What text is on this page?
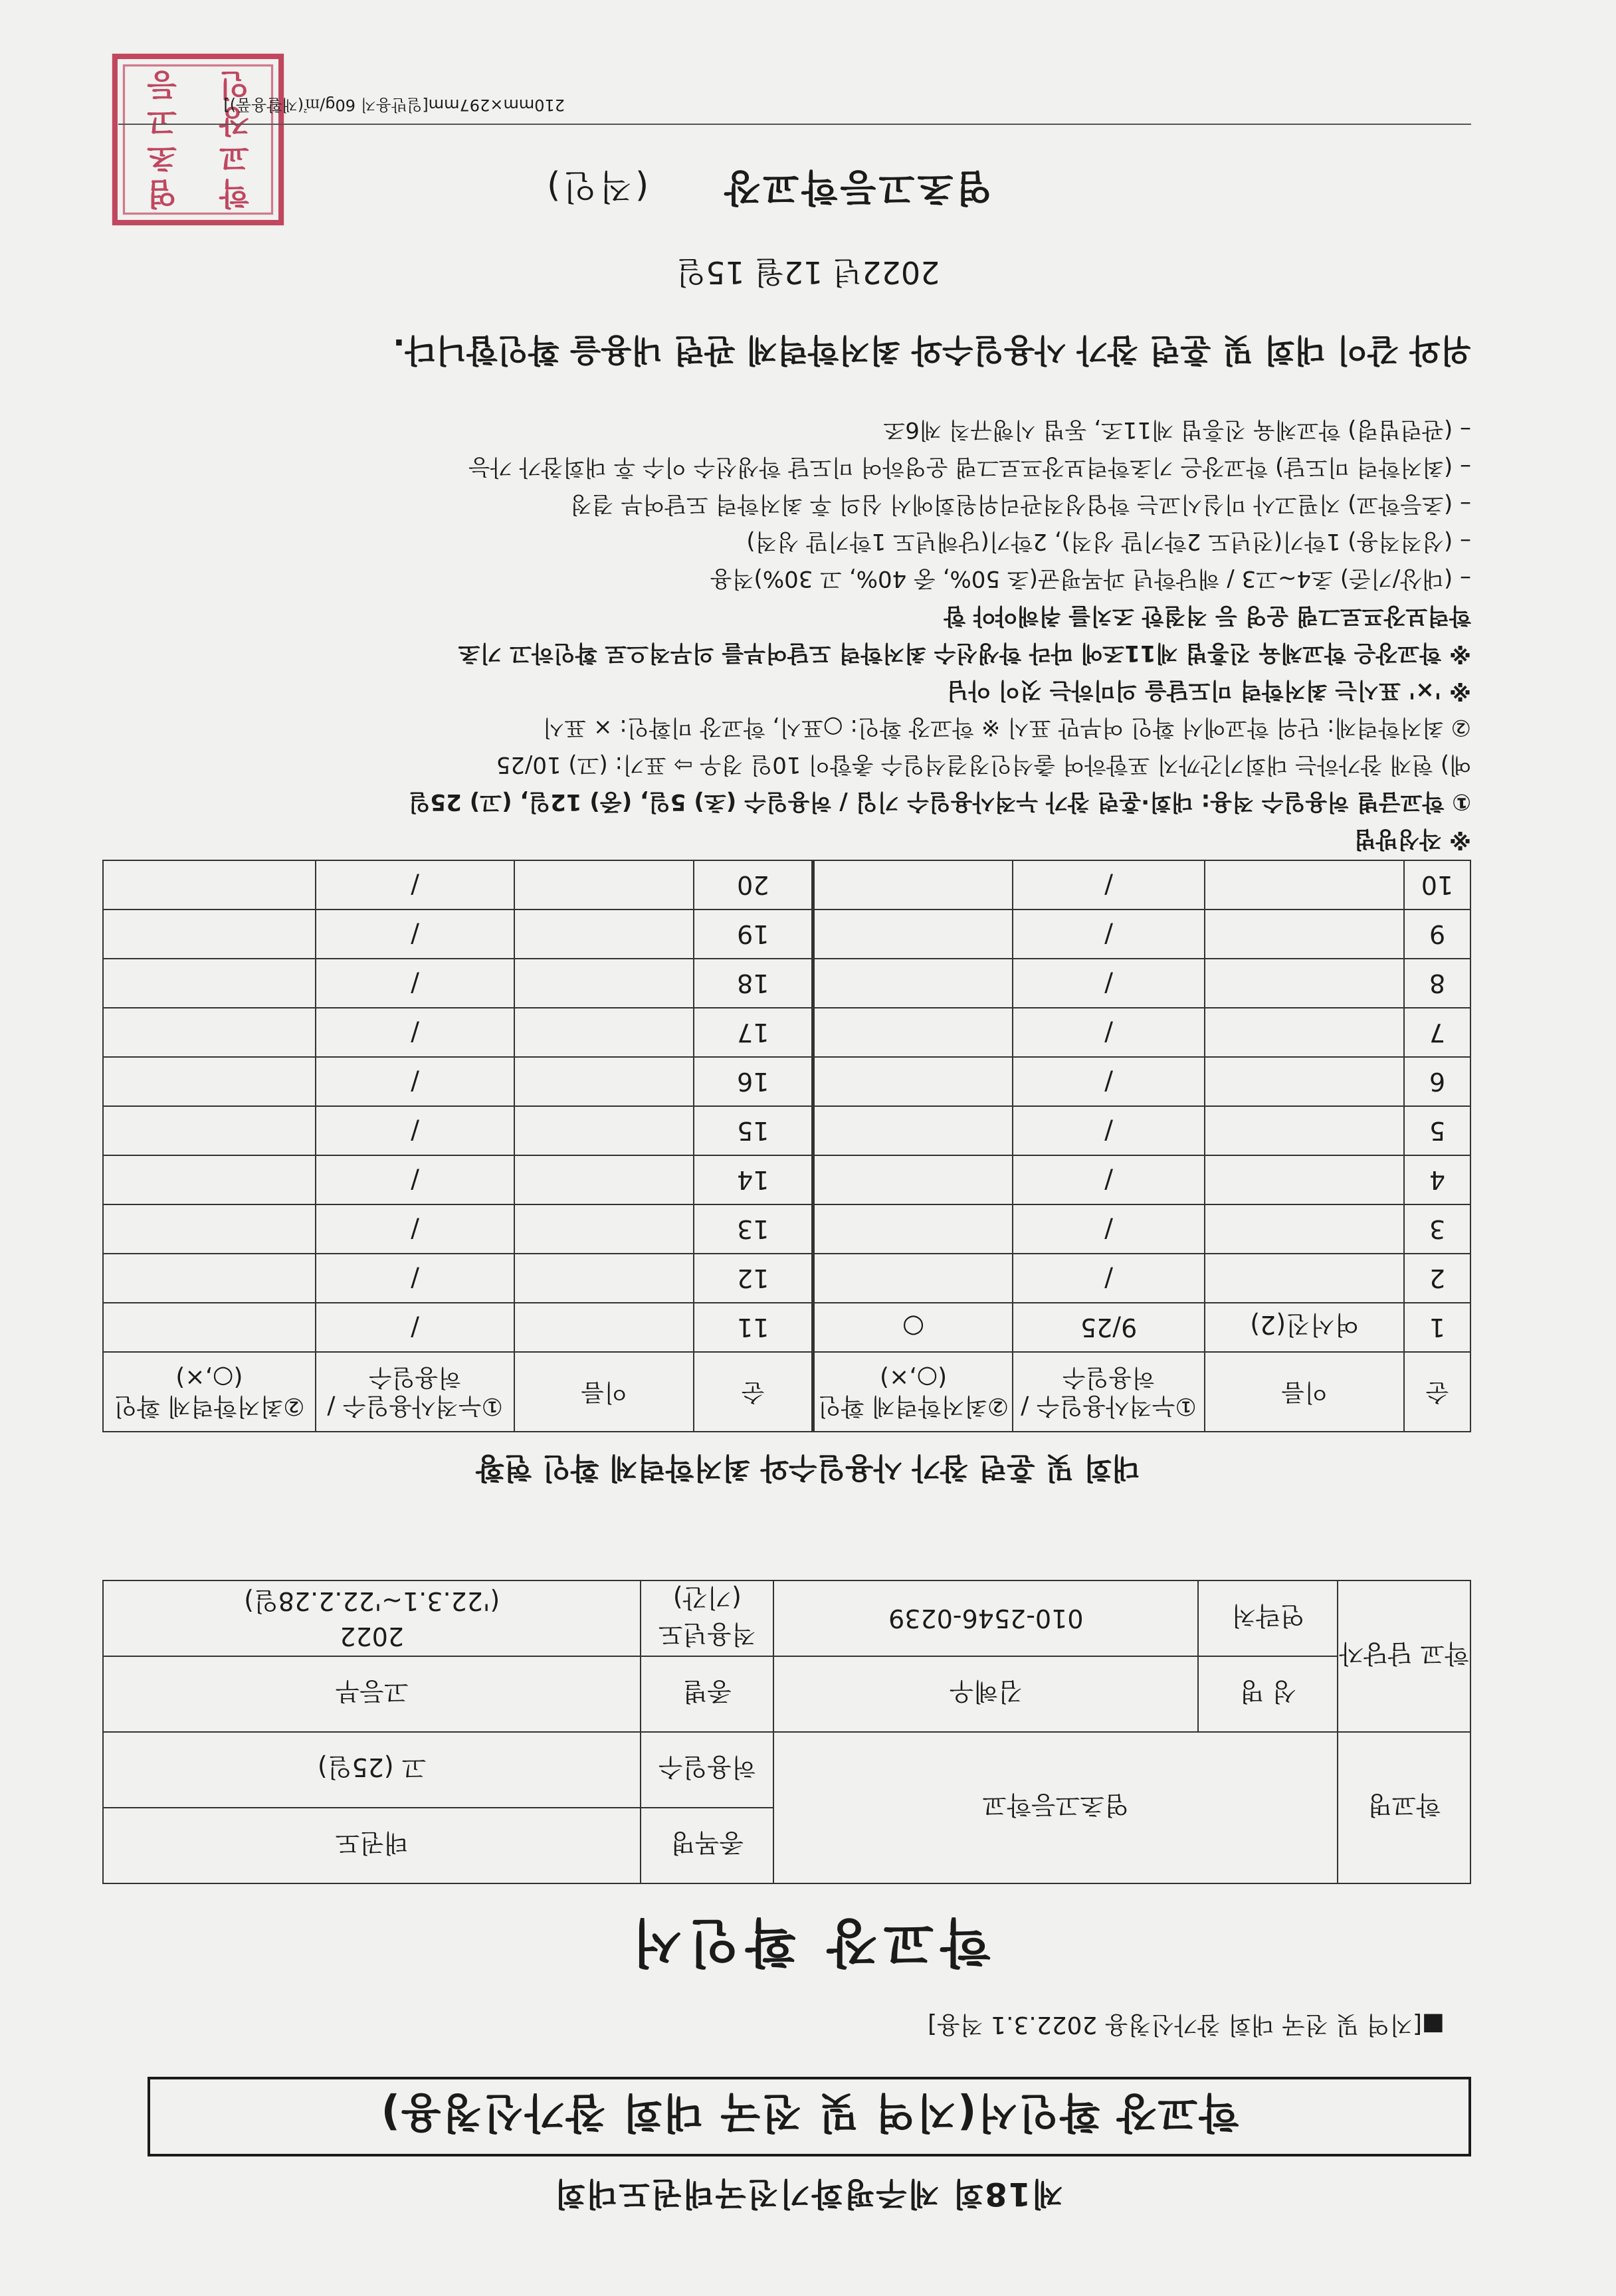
제18회 제주평화기전국태권도대회
학교장 확인서(지역 및 전국 대회 참가신청용)
■[지역 및 전국 대회 참가신청용 2022.3.1 적용]
학교장 확인서
학교명	염초고등학교		종목명	태권도
			허용일수	고 (25일)
학교 담당자	성 명	김혜우	종별	고등부
	연락처	010-2546-0239	적용년도 (기간)	2022
('22.3.1~'22.2.28일)
대회 및 훈련 참가 사용일수와 최저학력제 확인 현황
순	이름	①누적사용일수 /허용일수	②최저학력제 확인(○,×)	순	이름	①누적사용일수 /허용일수	②최저학력제 확인(○,×)
1	여서진(2)	9/25	○	11		/	
2		/		12		/	
3		/		13		/	
4		/		14		/	
5		/		15		/	
6		/		16		/	
7		/		17		/	
8		/		18		/	
9		/		19		/	
10		/		20		/	
※ 작성방법
① 학교급별 허용일수 적용: 대회·훈련 참가 누적사용일수 기입 / 허용일수 (초) 5일, (중) 12일, (고) 25일
예) 현재 참가하는 대회기간까지 포함하여 출석인정결석일수 총합이 10일 경우 ⇨ 표기: (고) 10/25
② 최저학력제: 단위 학교에서 확인 여부만 표시 ※ 학교장 확인: ○표시, 학교장 미확인: × 표시
※ '×' 표시는 최저학력 미도달을 의미하는 것이 아님
※ 학교장은 학교체육 진흥법 제11조에 따라 학생선수 최저학력 도달여부를 의무적으로 확인하고 기초
학력보장프로그램 운영 등 적절한 조치를 취해야야 함
– (대상/기준) 초4~고3 / 해당학년 과목평균(초 50%, 중 40%, 고 30%)적용
– (성적적용) 1학기(전년도 2학기말 성적), 2학기(당해년도 1학기말 성적)
– (초등학교) 지필고사 미실시교는 학업성적관리위원회에서 심의 후 최저학력 도달여부 결정
– (최저학력 미도달) 학교장은 기초학력보장프로그램 운영하여 미도달 학생선수 이수 후 대회참가 가능
– (관련법령) 학교체육 진흥법 제11조, 동법 시행규칙 제6조
위와 같이 대회 및 훈련 참가 사용일수와 최저학력제 관련 내용을 확인합니다.
2022년 12월 15일
염초고등학교장(직인)
염초고등학교장인
210mm×297mm[일반용지 60g/㎡(재활용품)]
